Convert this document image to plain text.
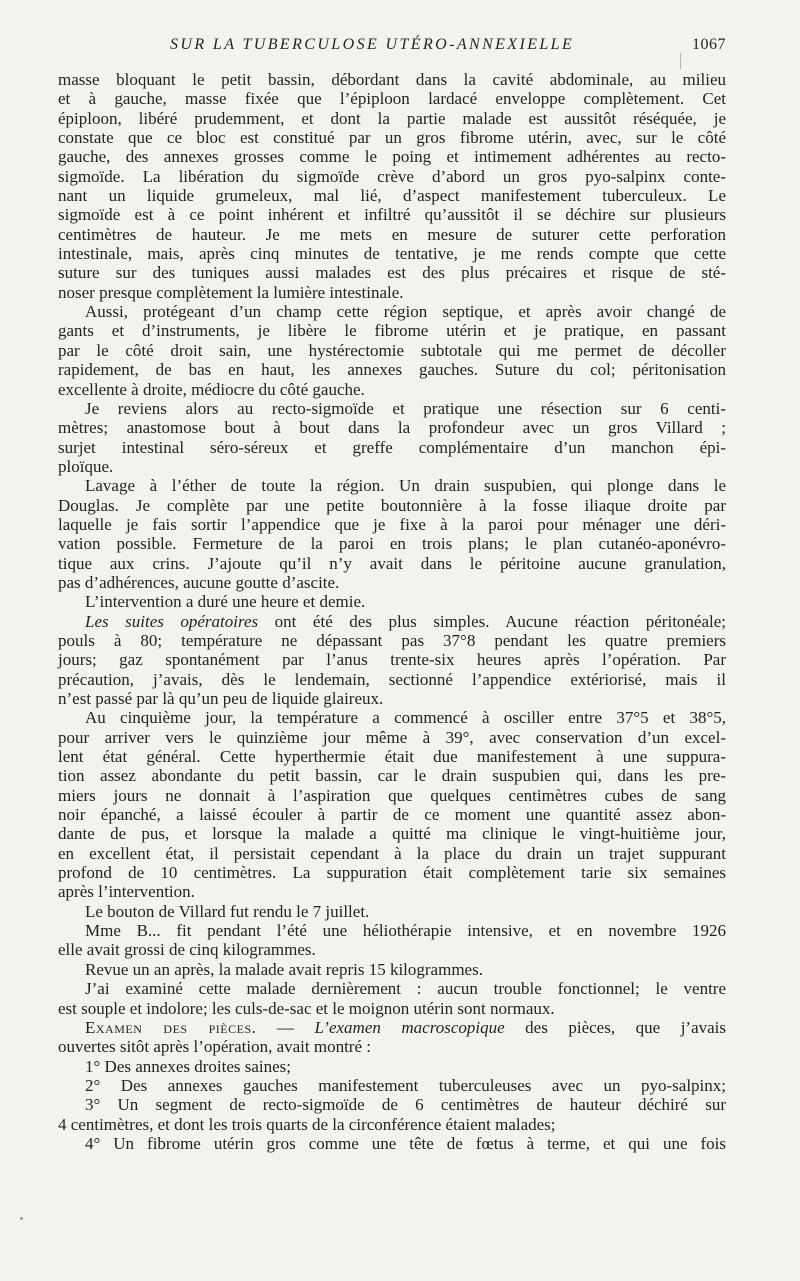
SUR LA TUBERCULOSE UTÉRO-ANNEXIELLE	1067
masse bloquant le petit bassin, débordant dans la cavité abdominale, au milieu
et à gauche, masse fixée que l’épiploon lardacé enveloppe complètement. Cet
épiploon, libéré prudemment, et dont la partie malade est aussitôt réséquée, je
constate que ce bloc est constitué par un gros fibrome utérin, avec, sur le côté
gauche, des annexes grosses comme le poing et intimement adhérentes au recto-
sigmoïde. La libération du sigmoïde crève d’abord un gros pyo-salpinx conte-
nant un liquide grumeleux, mal lié, d’aspect manifestement tuberculeux. Le
sigmoïde est à ce point inhérent et infiltré qu’aussitôt il se déchire sur plusieurs
centimètres de hauteur. Je me mets en mesure de suturer cette perforation
intestinale, mais, après cinq minutes de tentative, je me rends compte que cette
suture sur des tuniques aussi malades est des plus précaires et risque de sté-
noser presque complètement la lumière intestinale.
Aussi, protégeant d’un champ cette région septique, et après avoir changé de
gants et d’instruments, je libère le fibrome utérin et je pratique, en passant
par le côté droit sain, une hystérectomie subtotale qui me permet de décoller
rapidement, de bas en haut, les annexes gauches. Suture du col; péritonisation
excellente à droite, médiocre du côté gauche.
Je reviens alors au recto-sigmoïde et pratique une résection sur 6 centi-
mètres; anastomose bout à bout dans la profondeur avec un gros Villard ;
surjet intestinal séro-séreux et greffe complémentaire d’un manchon épi-
ploïque.
Lavage à l’éther de toute la région. Un drain suspubien, qui plonge dans le
Douglas. Je complète par une petite boutonnière à la fosse iliaque droite par
laquelle je fais sortir l’appendice que je fixe à la paroi pour ménager une déri-
vation possible. Fermeture de la paroi en trois plans; le plan cutanéo-aponévro-
tique aux crins. J’ajoute qu’il n’y avait dans le péritoine aucune granulation,
pas d’adhérences, aucune goutte d’ascite.
L’intervention a duré une heure et demie.
Les suites opératoires ont été des plus simples. Aucune réaction péritonéale;
pouls à 80; température ne dépassant pas 37°8 pendant les quatre premiers
jours; gaz spontanément par l’anus trente-six heures après l’opération. Par
précaution, j’avais, dès le lendemain, sectionné l’appendice extériorisé, mais il
n’est passé par là qu’un peu de liquide glaireux.
Au cinquième jour, la température a commencé à osciller entre 37°5 et 38°5,
pour arriver vers le quinzième jour même à 39°, avec conservation d’un excel-
lent état général. Cette hyperthermie était due manifestement à une suppura-
tion assez abondante du petit bassin, car le drain suspubien qui, dans les pre-
miers jours ne donnait à l’aspiration que quelques centimètres cubes de sang
noir épanché, a laissé écouler à partir de ce moment une quantité assez abon-
dante de pus, et lorsque la malade a quitté ma clinique le vingt-huitième jour,
en excellent état, il persistait cependant à la place du drain un trajet suppurant
profond de 10 centimètres. La suppuration était complètement tarie six semaines
après l’intervention.
Le bouton de Villard fut rendu le 7 juillet.
Mme B... fit pendant l’été une héliothérapie intensive, et en novembre 1926
elle avait grossi de cinq kilogrammes.
Revue un an après, la malade avait repris 15 kilogrammes.
J’ai examiné cette malade dernièrement : aucun trouble fonctionnel; le ventre
est souple et indolore; les culs-de-sac et le moignon utérin sont normaux.
Examen des pièces. — L’examen macroscopique des pièces, que j’avais
ouvertes sitôt après l’opération, avait montré :
1° Des annexes droites saines;
2° Des annexes gauches manifestement tuberculeuses avec un pyo-salpinx;
3° Un segment de recto-sigmoïde de 6 centimètres de hauteur déchiré sur
4 centimètres, et dont les trois quarts de la circonférence étaient malades;
4° Un fibrome utérin gros comme une tête de fœtus à terme, et qui une fois
